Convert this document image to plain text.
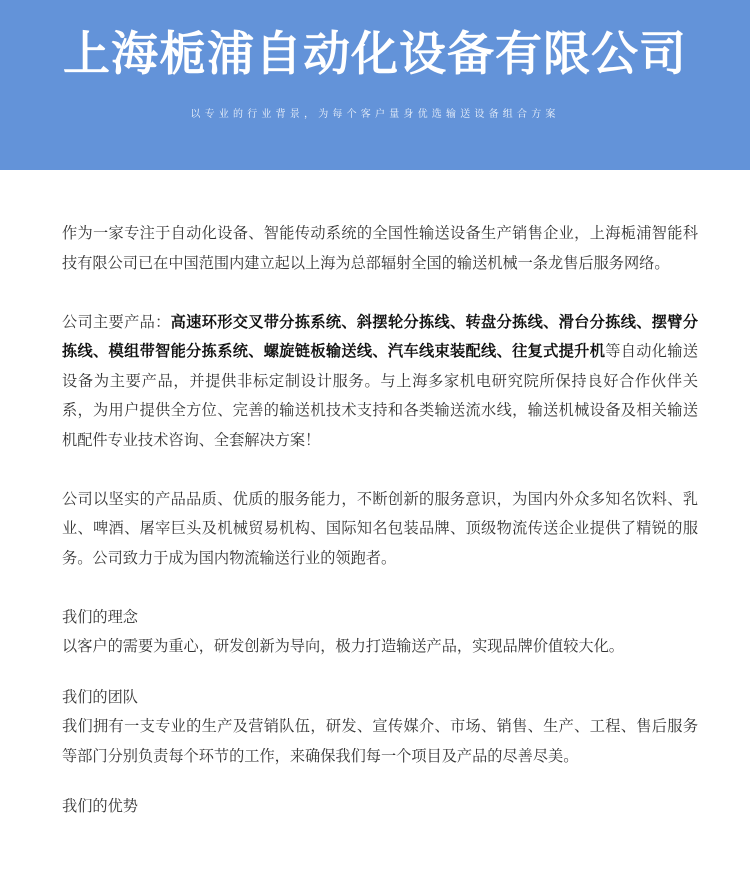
上海栀浦自动化设备有限公司
以专业的行业背景，为每个客户量身优选输送设备组合方案

作为一家专注于自动化设备、智能传动系统的全国性输送设备生产销售企业，上海栀浦智能科技有限公司已在中国范围内建立起以上海为总部辐射全国的输送机械一条龙售后服务网络。

公司主要产品：高速环形交叉带分拣系统、斜摆轮分拣线、转盘分拣线、滑台分拣线、摆臂分拣线、模组带智能分拣系统、螺旋链板输送线、汽车线束装配线、往复式提升机等自动化输送设备为主要产品，并提供非标定制设计服务。与上海多家机电研究院所保持良好合作伙伴关系，为用户提供全方位、完善的输送机技术支持和各类输送流水线，输送机械设备及相关输送机配件专业技术咨询、全套解决方案！

公司以坚实的产品品质、优质的服务能力，不断创新的服务意识，为国内外众多知名饮料、乳业、啤酒、屠宰巨头及机械贸易机构、国际知名包装品牌、顶级物流传送企业提供了精锐的服务。公司致力于成为国内物流输送行业的领跑者。

我们的理念
以客户的需要为重心，研发创新为导向，极力打造输送产品，实现品牌价值较大化。

我们的团队
我们拥有一支专业的生产及营销队伍，研发、宣传媒介、市场、销售、生产、工程、售后服务等部门分别负责每个环节的工作，来确保我们每一个项目及产品的尽善尽美。

我们的优势
